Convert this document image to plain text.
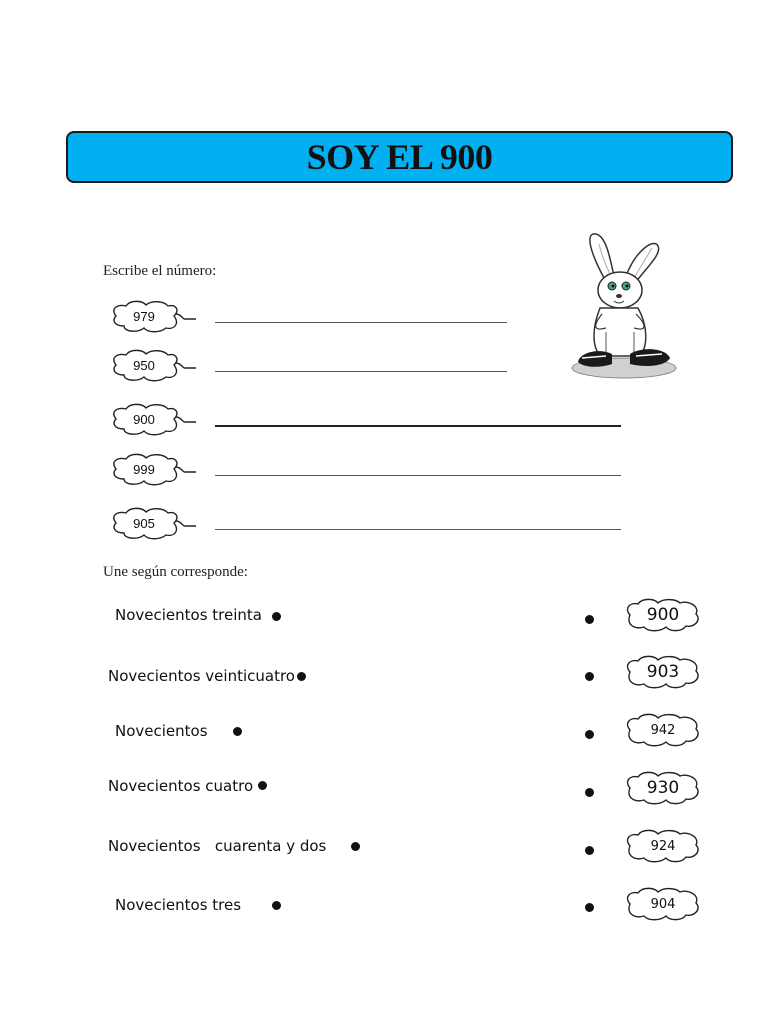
SOY EL 900
Escribe el número:
979
950
900
999
905
Une según corresponde:
Novecientos treinta
Novecientos veinticuatro
Novecientos
Novecientos cuatro
Novecientos   cuarenta y dos
Novecientos tres
900
903
942
930
924
904
